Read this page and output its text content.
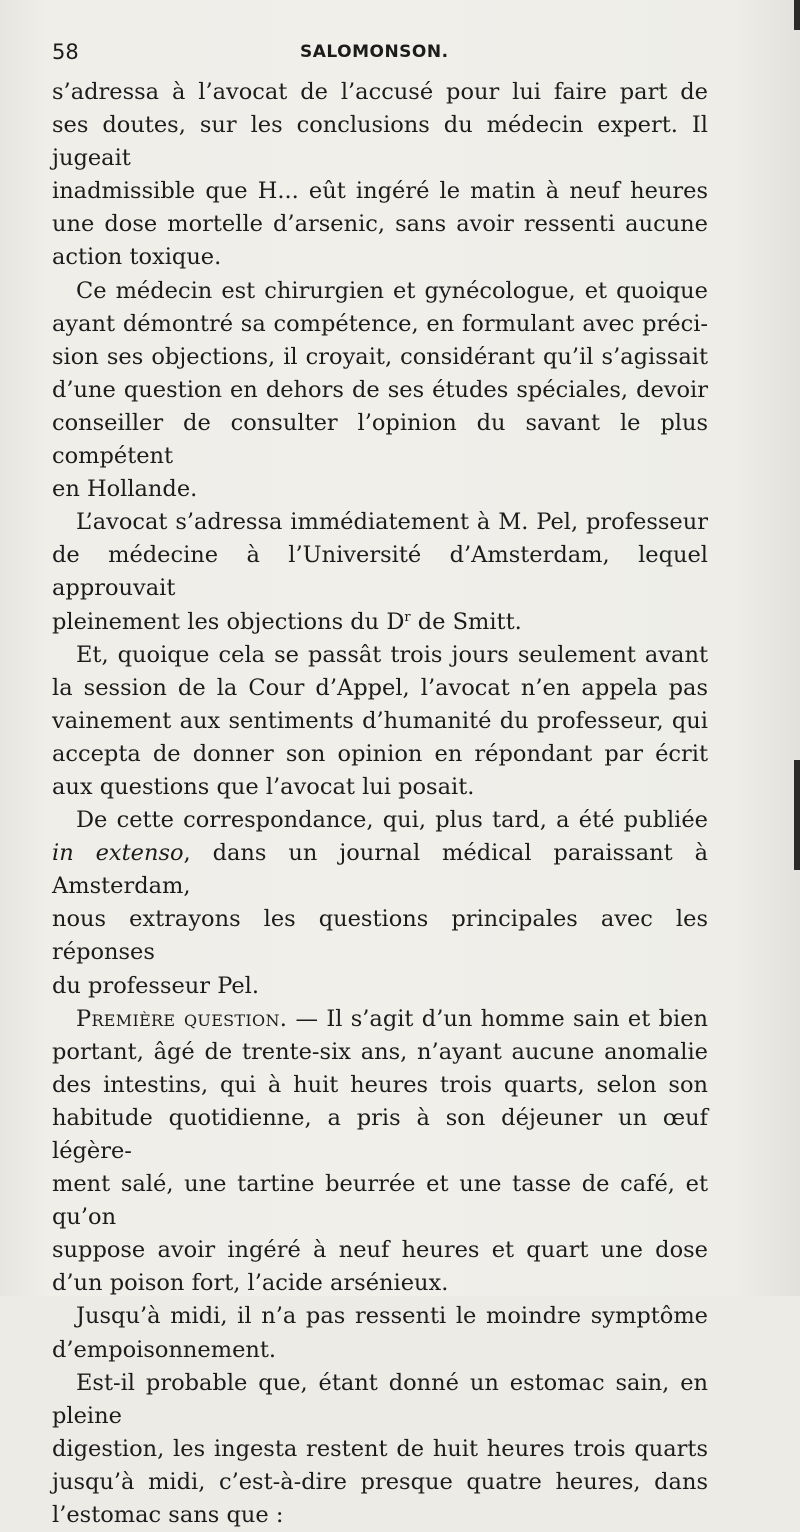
58	SALOMONSON.

s’adressa à l’avocat de l’accusé pour lui faire part de

ses doutes, sur les conclusions du médecin expert. Il jugeait

inadmissible que H... eût ingéré le matin à neuf heures

une dose mortelle d’arsenic, sans avoir ressenti aucune

action toxique.

Ce médecin est chirurgien et gynécologue, et quoique

ayant démontré sa compétence, en formulant avec préci-

sion ses objections, il croyait, considérant qu’il s’agissait

d’une question en dehors de ses études spéciales, devoir

conseiller de consulter l’opinion du savant le plus compétent

en Hollande.

L’avocat s’adressa immédiatement à M. Pel, professeur

de médecine à l’Université d’Amsterdam, lequel approuvait

pleinement les objections du $D^r$ de Smitt.

Et, quoique cela se passât trois jours seulement avant

la session de la Cour d’Appel, l’avocat n’en appela pas

vainement aux sentiments d’humanité du professeur, qui

accepta de donner son opinion en répondant par écrit

aux questions que l’avocat lui posait.

De cette correspondance, qui, plus tard, a été publiée

in extenso, dans un journal médical paraissant à Amsterdam,

nous extrayons les questions principales avec les réponses

du professeur Pel.

Première question. — Il s’agit d’un homme sain et bien

portant, âgé de trente-six ans, n’ayant aucune anomalie

des intestins, qui à huit heures trois quarts, selon son

habitude quotidienne, a pris à son déjeuner un œuf légère-

ment salé, une tartine beurrée et une tasse de café, et qu’on

suppose avoir ingéré à neuf heures et quart une dose

d’un poison fort, l’acide arsénieux.

Jusqu’à midi, il n’a pas ressenti le moindre symptôme

d’empoisonnement.

Est-il probable que, étant donné un estomac sain, en pleine

digestion, les ingesta restent de huit heures trois quarts

jusqu’à midi, c’est-à-dire presque quatre heures, dans

l’estomac sans que :
